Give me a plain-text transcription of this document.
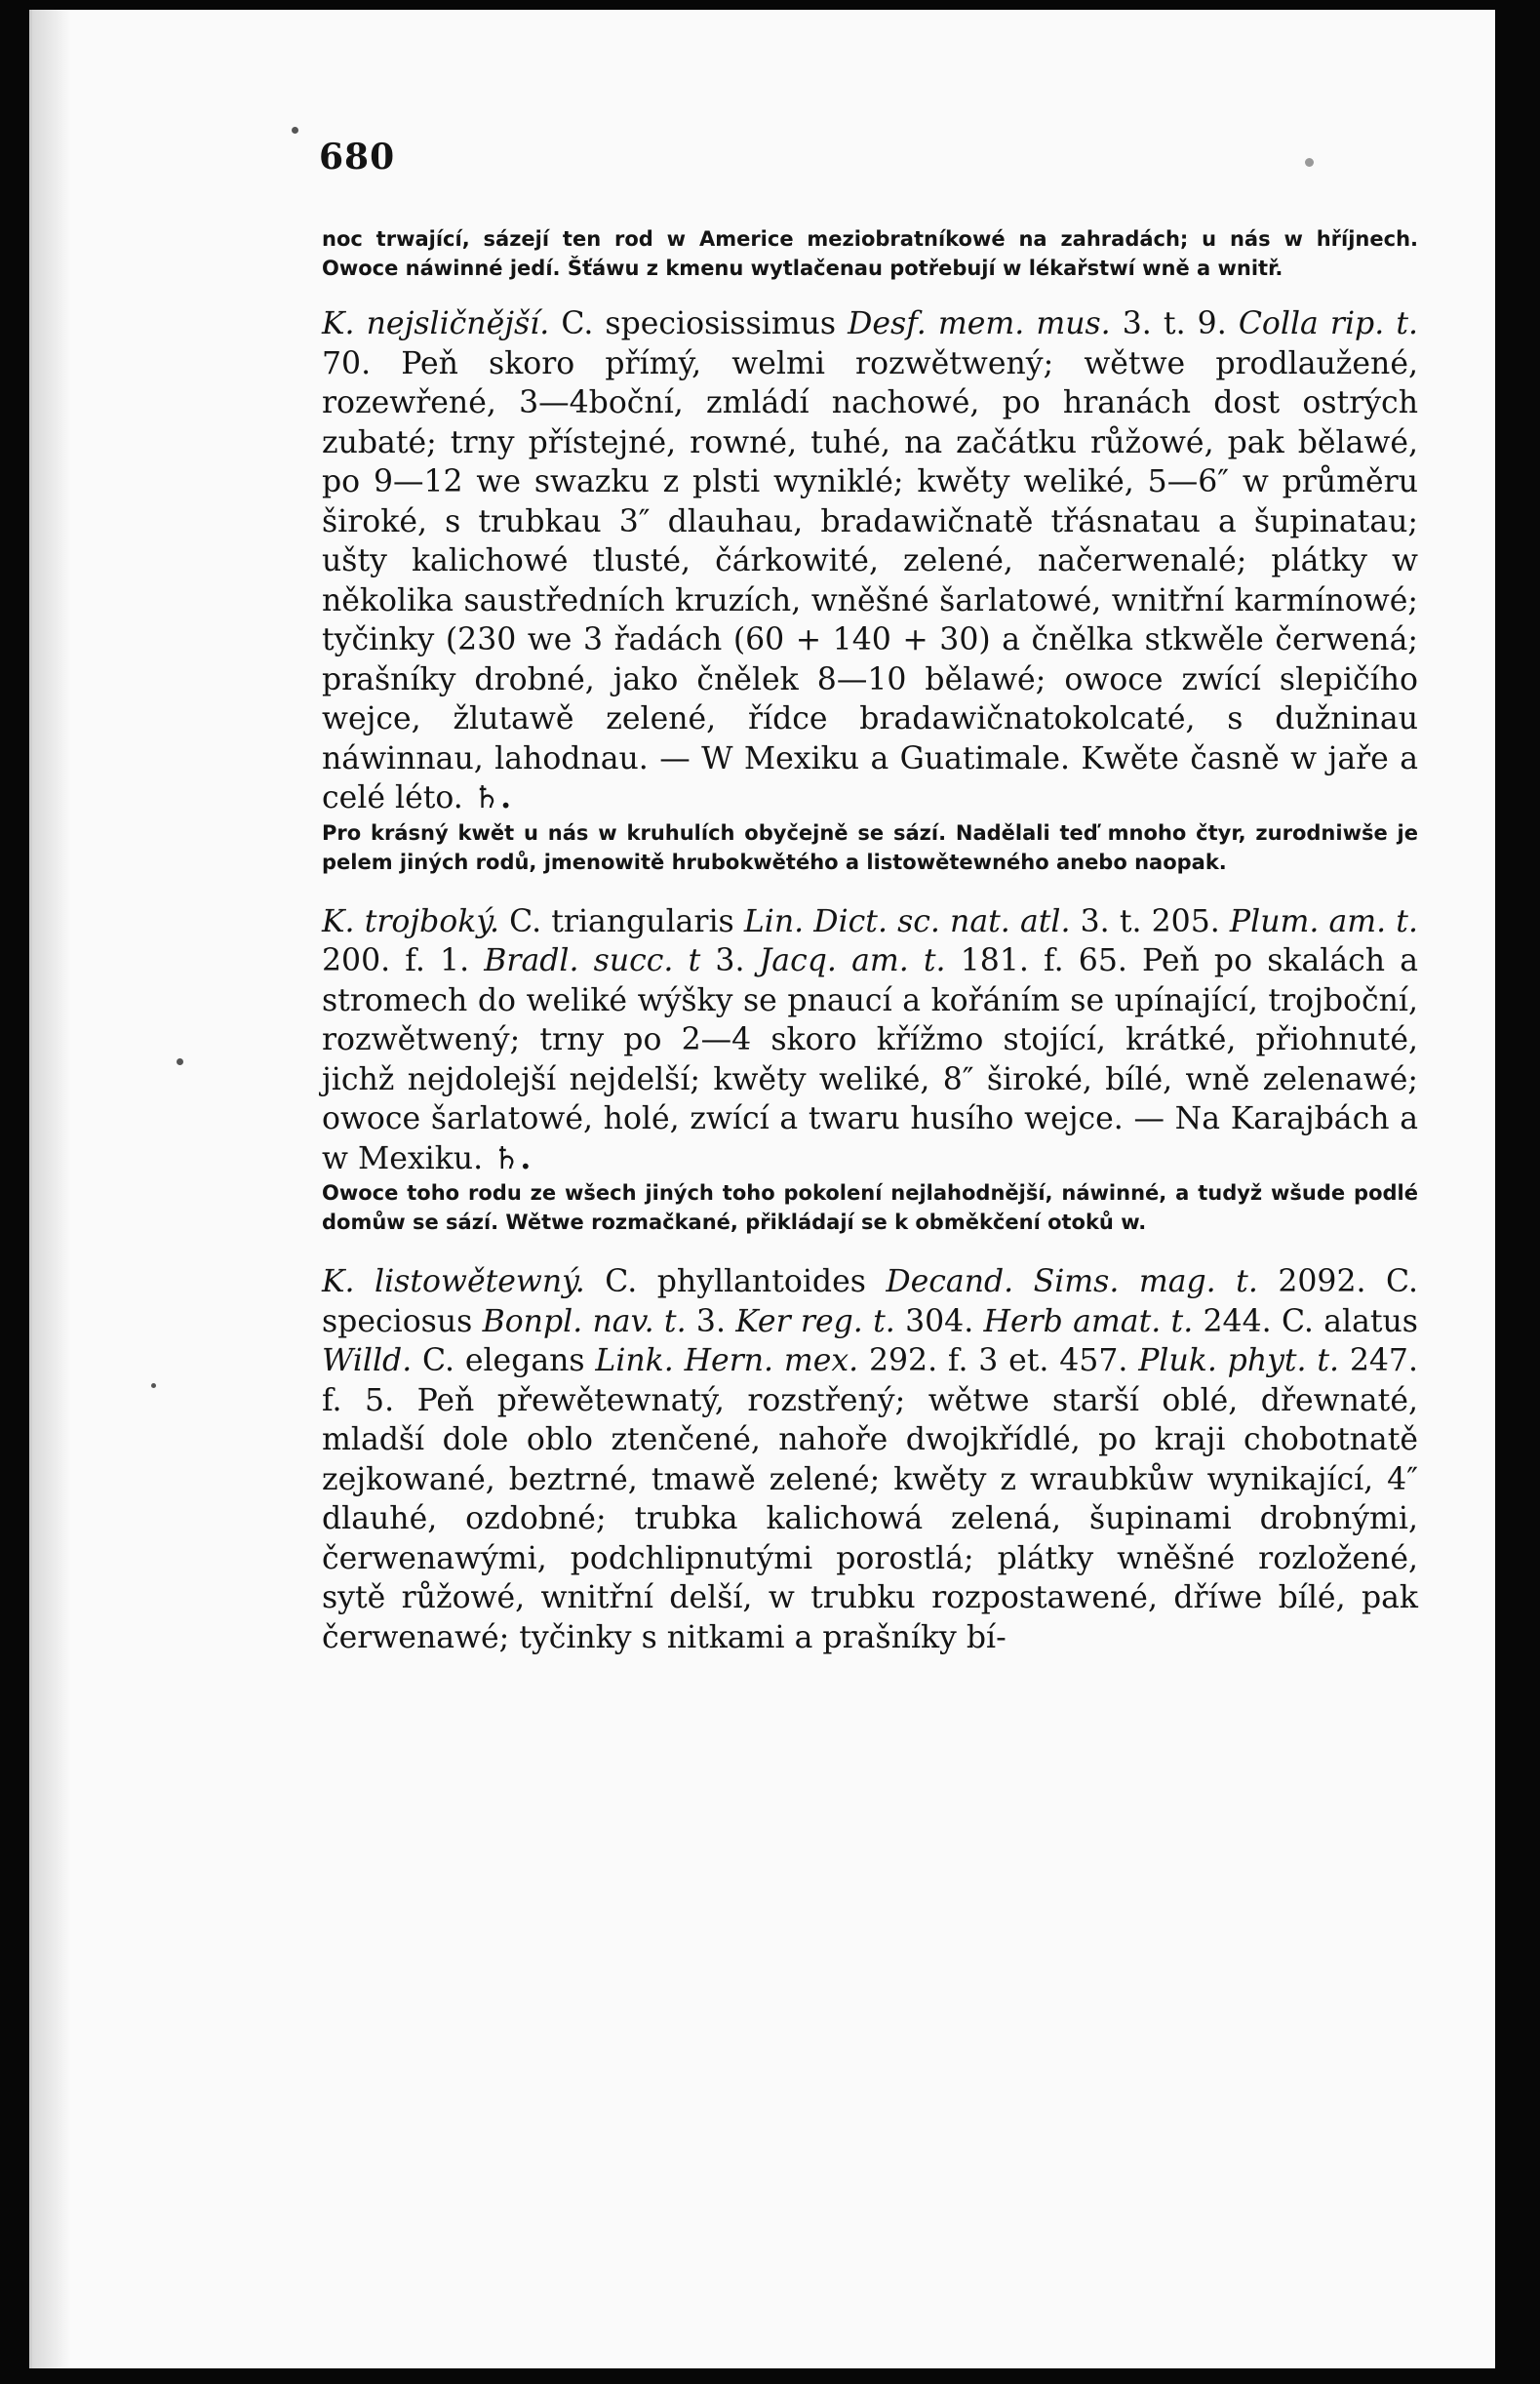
680

noc trwající, sázejí ten rod w Americe meziobratníkowé na zahradách; u nás w hříjnech. Owoce náwinné jedí. Šťáwu z kmenu wytlačenau potřebují w lékařstwí wně a wnitř.

K. nejsličnější. C. speciosissimus Desf. mem. mus. 3. t. 9. Colla rip. t. 70. Peň skoro přímý, welmi rozwětwený; wětwe prodlaužené, rozewřené, 3—4boční, zmládí nachowé, po hranách dost ostrých zubaté; trny přístejné, rowné, tuhé, na začátku růžowé, pak bělawé, po 9—12 we swazku z plsti wyniklé; kwěty weliké, 5—6″ w průměru široké, s trubkau 3″ dlauhau, bradawičnatě třásnatau a šupinatau; ušty kalichowé tlusté, čárkowité, zelené, načerwenalé; plátky w několika saustředních kruzích, wněšné šarlatowé, wnitřní karmínowé; tyčinky (230 we 3 řadách (60 + 140 + 30) a čnělka stkwěle čerwená; prašníky drobné, jako čnělek 8—10 bělawé; owoce zwící slepičího wejce, žlutawě zelené, řídce bradawičnatokolcaté, s dužninau náwinnau, lahodnau. — W Mexiku a Guatimale. Kwěte časně w jaře a celé léto. ♄.

Pro krásný kwět u nás w kruhulích obyčejně se sází. Nadělali teď mnoho čtyr, zurodniwše je pelem jiných rodů, jmenowitě hrubokwětého a listowětewného anebo naopak.

K. trojboký. C. triangularis Lin. Dict. sc. nat. atl. 3. t. 205. Plum. am. t. 200. f. 1. Bradl. succ. t 3. Jacq. am. t. 181. f. 65. Peň po skalách a stromech do weliké wýšky se pnaucí a kořáním se upínající, trojboční, rozwětwený; trny po 2—4 skoro křížmo stojící, krátké, přiohnuté, jichž nejdolejší nejdelší; kwěty weliké, 8″ široké, bílé, wně zelenawé; owoce šarlatowé, holé, zwící a twaru husího wejce. — Na Karajbách a w Mexiku. ♄.

Owoce toho rodu ze wšech jiných toho pokolení nejlahodnější, náwinné, a tudyž wšude podlé domůw se sází. Wětwe rozmačkané, přikládají se k obměkčení otoků w.

K. listowětewný. C. phyllantoides Decand. Sims. mag. t. 2092. C. speciosus Bonpl. nav. t. 3. Ker reg. t. 304. Herb amat. t. 244. C. alatus Willd. C. elegans Link. Hern. mex. 292. f. 3 et. 457. Pluk. phyt. t. 247. f. 5. Peň přewětewnatý, rozstřený; wětwe starší oblé, dřewnaté, mladší dole oblo ztenčené, nahoře dwojkřídlé, po kraji chobotnatě zejkowané, beztrné, tmawě zelené; kwěty z wraubkůw wynikající, 4″ dlauhé, ozdobné; trubka kalichowá zelená, šupinami drobnými, čerwenawými, podchlipnutými porostlá; plátky wněšné rozložené, sytě růžowé, wnitřní delší, w trubku rozpostawené, dříwe bílé, pak čerwenawé; tyčinky s nitkami a prašníky bí-
